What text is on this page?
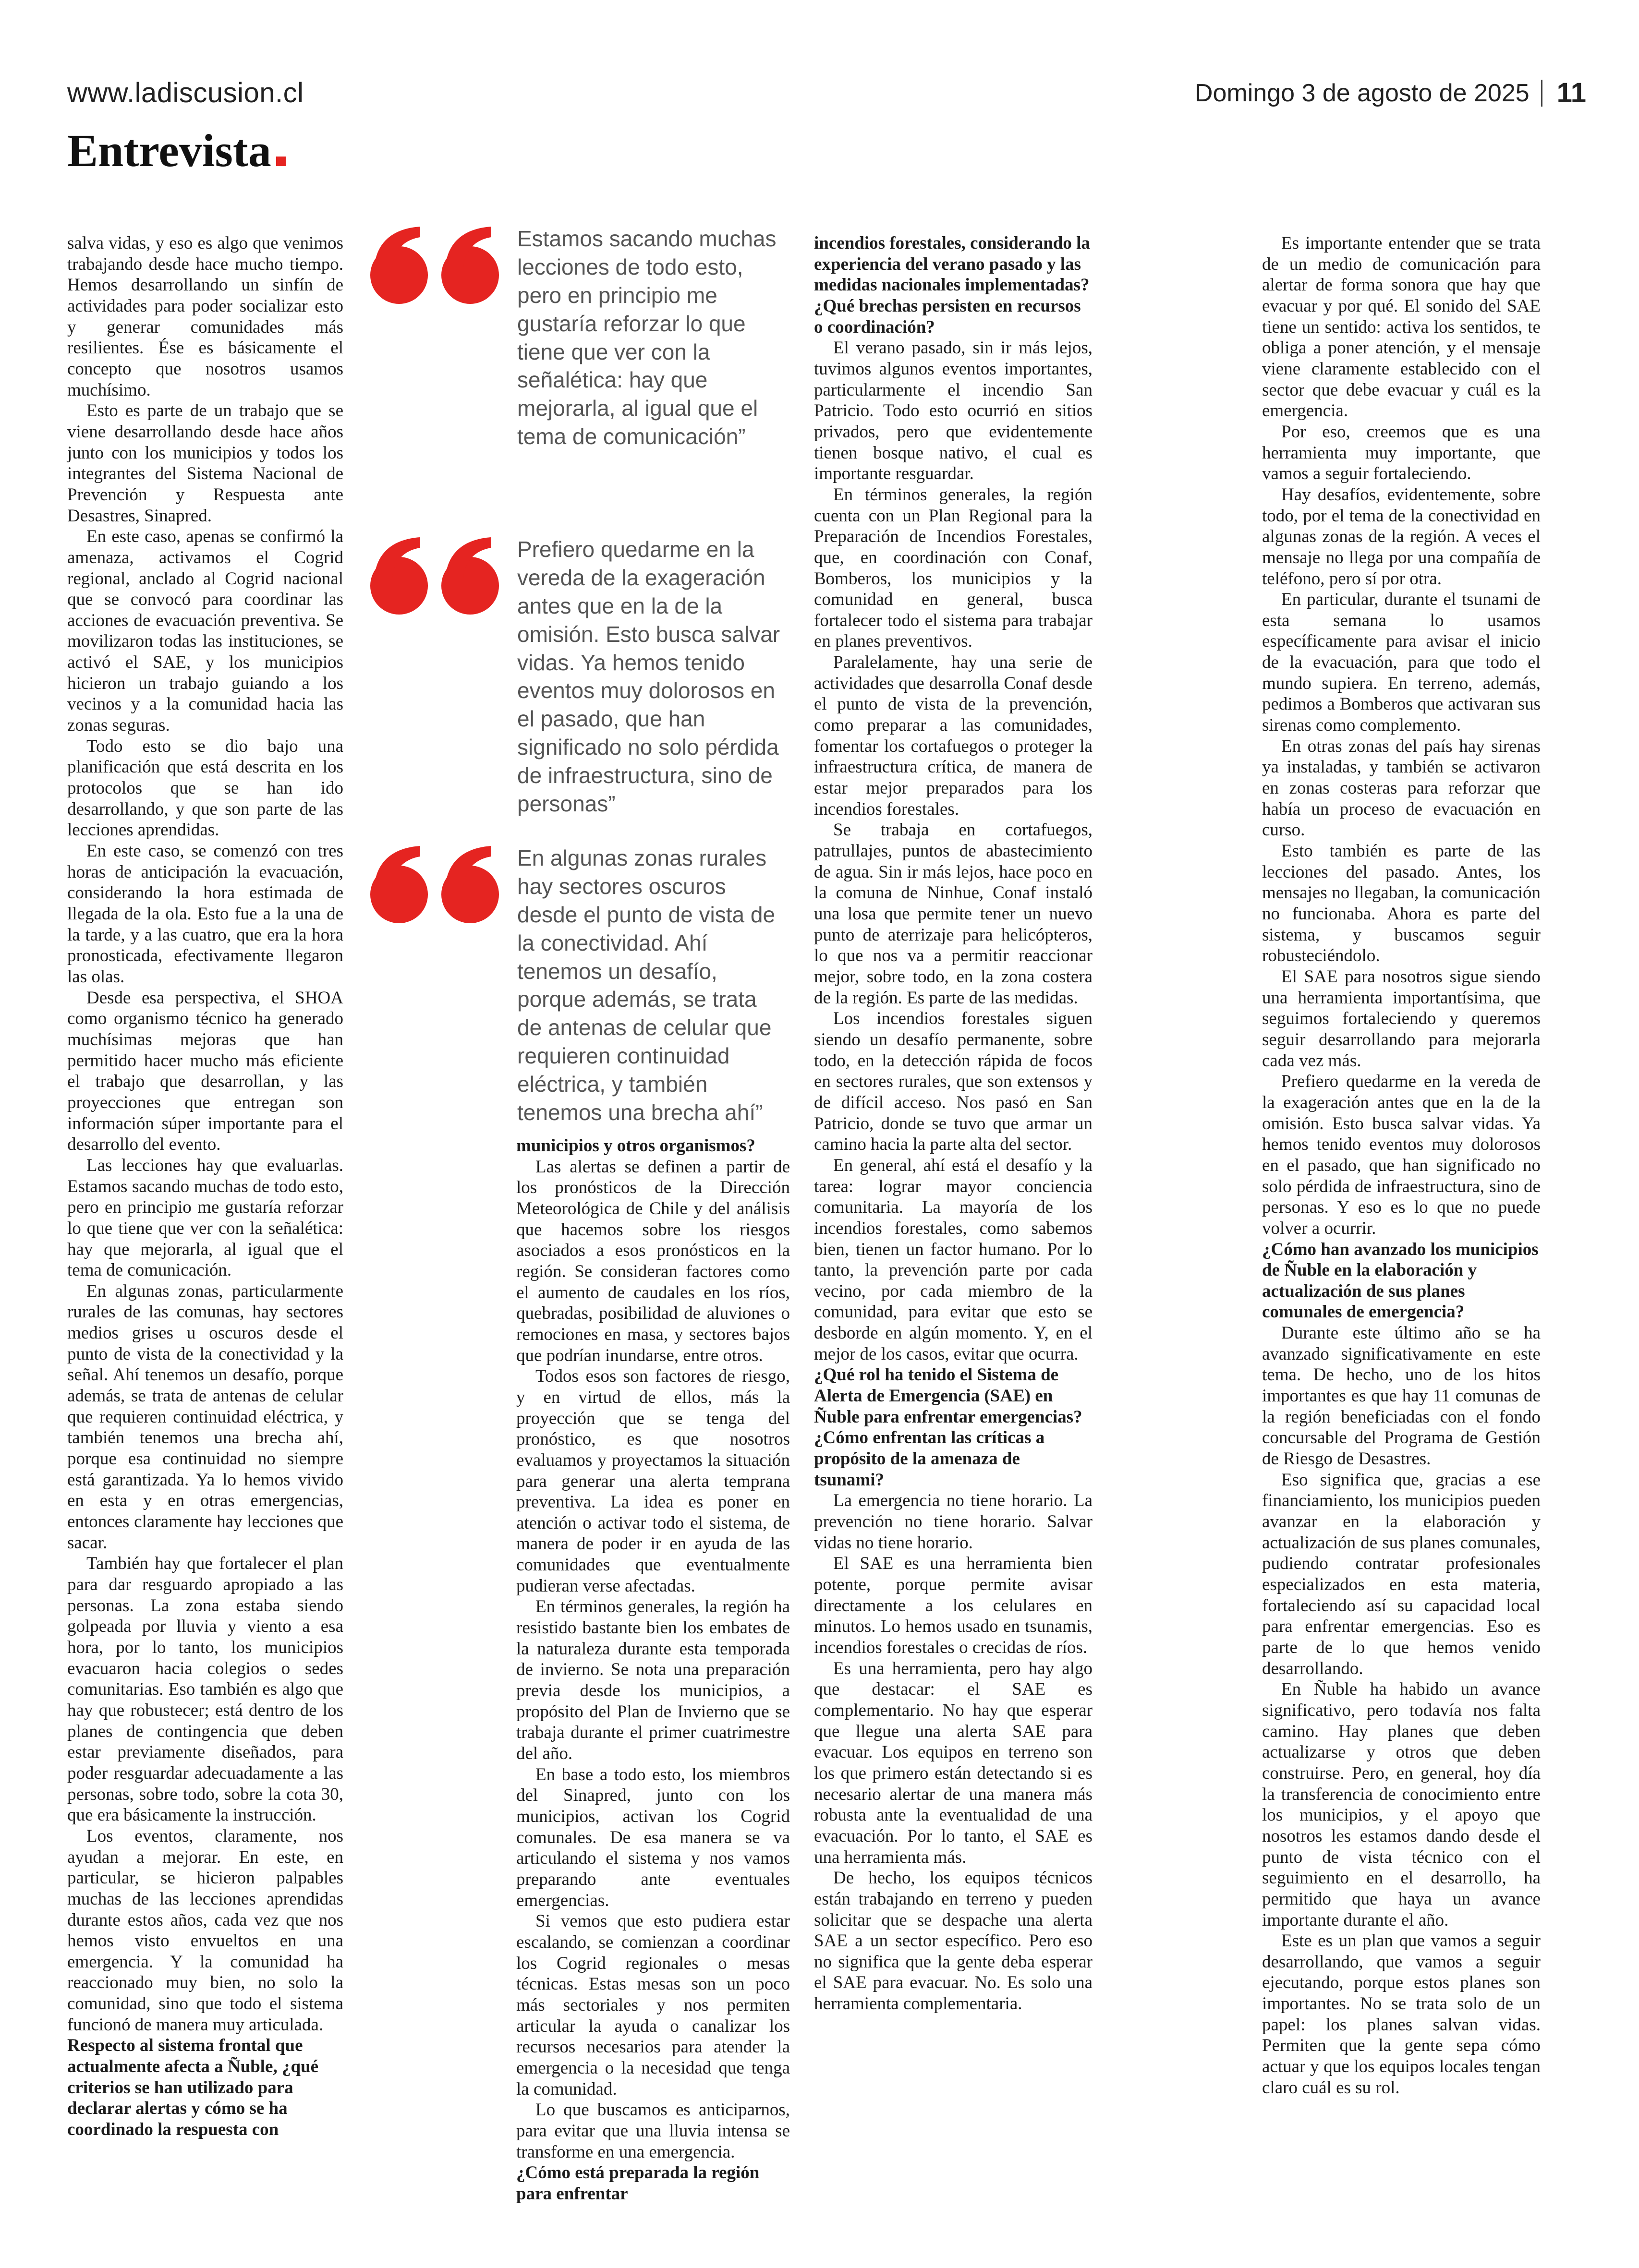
www.ladiscusion.cl	Domingo 3 de agosto de 2025 11
Entrevista

salva vidas, y eso es algo que venimos trabajando desde hace mucho tiempo. Hemos desarrollando un sinfín de actividades para poder socializar esto y generar comunidades más resilientes. Ése es básicamente el concepto que nosotros usamos muchísimo.

Esto es parte de un trabajo que se viene desarrollando desde hace años junto con los municipios y todos los integrantes del Sistema Nacional de Prevención y Respuesta ante Desastres, Sinapred.

En este caso, apenas se confirmó la amenaza, activamos el Cogrid regional, anclado al Cogrid nacional que se convocó para coordinar las acciones de evacuación preventiva. Se movilizaron todas las instituciones, se activó el SAE, y los municipios hicieron un trabajo guiando a los vecinos y a la comunidad hacia las zonas seguras.

Todo esto se dio bajo una planificación que está descrita en los protocolos que se han ido desarrollando, y que son parte de las lecciones aprendidas.

En este caso, se comenzó con tres horas de anticipación la evacuación, considerando la hora estimada de llegada de la ola. Esto fue a la una de la tarde, y a las cuatro, que era la hora pronosticada, efectivamente llegaron las olas.

Desde esa perspectiva, el SHOA como organismo técnico ha generado muchísimas mejoras que han permitido hacer mucho más eficiente el trabajo que desarrollan, y las proyecciones que entregan son información súper importante para el desarrollo del evento.

Las lecciones hay que evaluarlas. Estamos sacando muchas de todo esto, pero en principio me gustaría reforzar lo que tiene que ver con la señalética: hay que mejorarla, al igual que el tema de comunicación.

En algunas zonas, particularmente rurales de las comunas, hay sectores medios grises u oscuros desde el punto de vista de la conectividad y la señal. Ahí tenemos un desafío, porque además, se trata de antenas de celular que requieren continuidad eléctrica, y también tenemos una brecha ahí, porque esa continuidad no siempre está garantizada. Ya lo hemos vivido en esta y en otras emergencias, entonces claramente hay lecciones que sacar.

También hay que fortalecer el plan para dar resguardo apropiado a las personas. La zona estaba siendo golpeada por lluvia y viento a esa hora, por lo tanto, los municipios evacuaron hacia colegios o sedes comunitarias. Eso también es algo que hay que robustecer; está dentro de los planes de contingencia que deben estar previamente diseñados, para poder resguardar adecuadamente a las personas, sobre todo, sobre la cota 30, que era básicamente la instrucción.

Los eventos, claramente, nos ayudan a mejorar. En este, en particular, se hicieron palpables muchas de las lecciones aprendidas durante estos años, cada vez que nos hemos visto envueltos en una emergencia. Y la comunidad ha reaccionado muy bien, no solo la comunidad, sino que todo el sistema funcionó de manera muy articulada.

Respecto al sistema frontal que actualmente afecta a Ñuble, ¿qué criterios se han utilizado para declarar alertas y cómo se ha coordinado la respuesta con

Estamos sacando muchas lecciones de todo esto, pero en principio me gustaría reforzar lo que tiene que ver con la señalética: hay que mejorarla, al igual que el tema de comunicación”
Prefiero quedarme en la vereda de la exageración antes que en la de la omisión. Esto busca salvar vidas. Ya hemos tenido eventos muy dolorosos en el pasado, que han significado no solo pérdida de infraestructura, sino de personas”
En algunas zonas rurales hay sectores oscuros desde el punto de vista de la conectividad. Ahí tenemos un desafío, porque además, se trata de antenas de celular que requieren continuidad eléctrica, y también tenemos una brecha ahí”

municipios y otros organismos?

Las alertas se definen a partir de los pronósticos de la Dirección Meteorológica de Chile y del análisis que hacemos sobre los riesgos asociados a esos pronósticos en la región. Se consideran factores como el aumento de caudales en los ríos, quebradas, posibilidad de aluviones o remociones en masa, y sectores bajos que podrían inundarse, entre otros.

Todos esos son factores de riesgo, y en virtud de ellos, más la proyección que se tenga del pronóstico, es que nosotros evaluamos y proyectamos la situación para generar una alerta temprana preventiva. La idea es poner en atención o activar todo el sistema, de manera de poder ir en ayuda de las comunidades que eventualmente pudieran verse afectadas.

En términos generales, la región ha resistido bastante bien los embates de la naturaleza durante esta temporada de invierno. Se nota una preparación previa desde los municipios, a propósito del Plan de Invierno que se trabaja durante el primer cuatrimestre del año.

En base a todo esto, los miembros del Sinapred, junto con los municipios, activan los Cogrid comunales. De esa manera se va articulando el sistema y nos vamos preparando ante eventuales emergencias.

Si vemos que esto pudiera estar escalando, se comienzan a coordinar los Cogrid regionales o mesas técnicas. Estas mesas son un poco más sectoriales y nos permiten articular la ayuda o canalizar los recursos necesarios para atender la emergencia o la necesidad que tenga la comunidad.

Lo que buscamos es anticiparnos, para evitar que una lluvia intensa se transforme en una emergencia.

¿Cómo está preparada la región para enfrentar

incendios forestales, considerando la experiencia del verano pasado y las medidas nacionales implementadas? ¿Qué brechas persisten en recursos o coordinación?

El verano pasado, sin ir más lejos, tuvimos algunos eventos importantes, particularmente el incendio San Patricio. Todo esto ocurrió en sitios privados, pero que evidentemente tienen bosque nativo, el cual es importante resguardar.

En términos generales, la región cuenta con un Plan Regional para la Preparación de Incendios Forestales, que, en coordinación con Conaf, Bomberos, los municipios y la comunidad en general, busca fortalecer todo el sistema para trabajar en planes preventivos.

Paralelamente, hay una serie de actividades que desarrolla Conaf desde el punto de vista de la prevención, como preparar a las comunidades, fomentar los cortafuegos o proteger la infraestructura crítica, de manera de estar mejor preparados para los incendios forestales.

Se trabaja en cortafuegos, patrullajes, puntos de abastecimiento de agua. Sin ir más lejos, hace poco en la comuna de Ninhue, Conaf instaló una losa que permite tener un nuevo punto de aterrizaje para helicópteros, lo que nos va a permitir reaccionar mejor, sobre todo, en la zona costera de la región. Es parte de las medidas.

Los incendios forestales siguen siendo un desafío permanente, sobre todo, en la detección rápida de focos en sectores rurales, que son extensos y de difícil acceso. Nos pasó en San Patricio, donde se tuvo que armar un camino hacia la parte alta del sector.

En general, ahí está el desafío y la tarea: lograr mayor conciencia comunitaria. La mayoría de los incendios forestales, como sabemos bien, tienen un factor humano. Por lo tanto, la prevención parte por cada vecino, por cada miembro de la comunidad, para evitar que esto se desborde en algún momento. Y, en el mejor de los casos, evitar que ocurra.

¿Qué rol ha tenido el Sistema de Alerta de Emergencia (SAE) en Ñuble para enfrentar emergencias? ¿Cómo enfrentan las críticas a propósito de la amenaza de tsunami?

La emergencia no tiene horario. La prevención no tiene horario. Salvar vidas no tiene horario.

El SAE es una herramienta bien potente, porque permite avisar directamente a los celulares en minutos. Lo hemos usado en tsunamis, incendios forestales o crecidas de ríos.

Es una herramienta, pero hay algo que destacar: el SAE es complementario. No hay que esperar que llegue una alerta SAE para evacuar. Los equipos en terreno son los que primero están detectando si es necesario alertar de una manera más robusta ante la eventualidad de una evacuación. Por lo tanto, el SAE es una herramienta más.

De hecho, los equipos técnicos están trabajando en terreno y pueden solicitar que se despache una alerta SAE a un sector específico. Pero eso no significa que la gente deba esperar el SAE para evacuar. No. Es solo una herramienta complementaria.

Es importante entender que se trata de un medio de comunicación para alertar de forma sonora que hay que evacuar y por qué. El sonido del SAE tiene un sentido: activa los sentidos, te obliga a poner atención, y el mensaje viene claramente establecido con el sector que debe evacuar y cuál es la emergencia.

Por eso, creemos que es una herramienta muy importante, que vamos a seguir fortaleciendo.

Hay desafíos, evidentemente, sobre todo, por el tema de la conectividad en algunas zonas de la región. A veces el mensaje no llega por una compañía de teléfono, pero sí por otra.

En particular, durante el tsunami de esta semana lo usamos específicamente para avisar el inicio de la evacuación, para que todo el mundo supiera. En terreno, además, pedimos a Bomberos que activaran sus sirenas como complemento.

En otras zonas del país hay sirenas ya instaladas, y también se activaron en zonas costeras para reforzar que había un proceso de evacuación en curso.

Esto también es parte de las lecciones del pasado. Antes, los mensajes no llegaban, la comunicación no funcionaba. Ahora es parte del sistema, y buscamos seguir robusteciéndolo.

El SAE para nosotros sigue siendo una herramienta importantísima, que seguimos fortaleciendo y queremos seguir desarrollando para mejorarla cada vez más.

Prefiero quedarme en la vereda de la exageración antes que en la de la omisión. Esto busca salvar vidas. Ya hemos tenido eventos muy dolorosos en el pasado, que han significado no solo pérdida de infraestructura, sino de personas. Y eso es lo que no puede volver a ocurrir.

¿Cómo han avanzado los municipios de Ñuble en la elaboración y actualización de sus planes comunales de emergencia?

Durante este último año se ha avanzado significativamente en este tema. De hecho, uno de los hitos importantes es que hay 11 comunas de la región beneficiadas con el fondo concursable del Programa de Gestión de Riesgo de Desastres.

Eso significa que, gracias a ese financiamiento, los municipios pueden avanzar en la elaboración y actualización de sus planes comunales, pudiendo contratar profesionales especializados en esta materia, fortaleciendo así su capacidad local para enfrentar emergencias. Eso es parte de lo que hemos venido desarrollando.

En Ñuble ha habido un avance significativo, pero todavía nos falta camino. Hay planes que deben actualizarse y otros que deben construirse. Pero, en general, hoy día la transferencia de conocimiento entre los municipios, y el apoyo que nosotros les estamos dando desde el punto de vista técnico con el seguimiento en el desarrollo, ha permitido que haya un avance importante durante el año.

Este es un plan que vamos a seguir desarrollando, que vamos a seguir ejecutando, porque estos planes son importantes. No se trata solo de un papel: los planes salvan vidas. Permiten que la gente sepa cómo actuar y que los equipos locales tengan claro cuál es su rol.
